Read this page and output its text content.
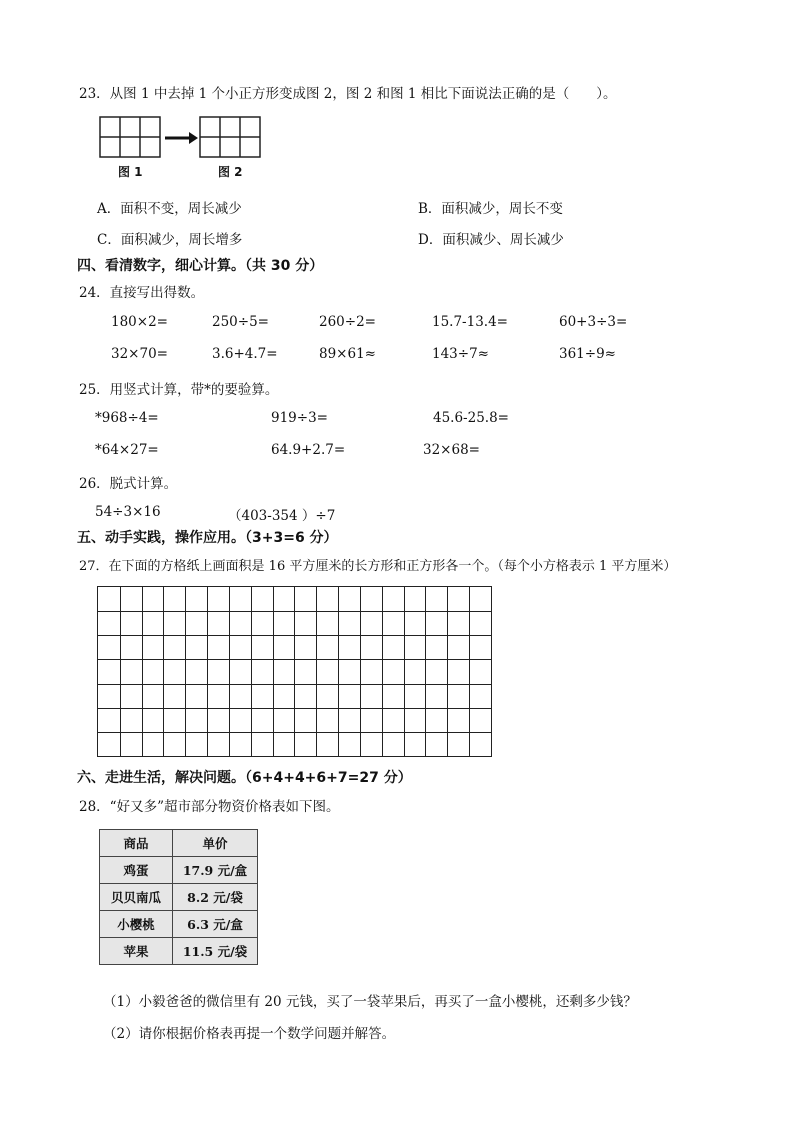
23．从图 1 中去掉 1 个小正方形变成图 2，图 2 和图 1 相比下面说法正确的是（　　）。
图 1	图 2
A．面积不变，周长减少	B．面积减少，周长不变
C．面积减少，周长增多	D．面积减少、周长减少
四、看清数字，细心计算。（共 30 分）
24．直接写出得数。
180×2=	250÷5=	260÷2=	15.7-13.4=	60+3÷3=
32×70=	3.6+4.7=	89×61≈	143÷7≈	361÷9≈
25．用竖式计算，带*的要验算。
*968÷4=	919÷3=	45.6-25.8=
*64×27=	64.9+2.7=	32×68=
26．脱式计算。
54÷3×16	（403-354 ）÷7
五、动手实践，操作应用。（3+3=6 分）
27．在下面的方格纸上画面积是 16 平方厘米的长方形和正方形各一个。（每个小方格表示 1 平方厘米）
六、走进生活，解决问题。（6+4+4+6+7=27 分）
28．“好又多”超市部分物资价格表如下图。
商品	单价
鸡蛋	17.9 元/盒
贝贝南瓜	8.2 元/袋
小樱桃	6.3 元/盒
苹果	11.5 元/袋
（1）小毅爸爸的微信里有 20 元钱，买了一袋苹果后，再买了一盒小樱桃，还剩多少钱？
（2）请你根据价格表再提一个数学问题并解答。
